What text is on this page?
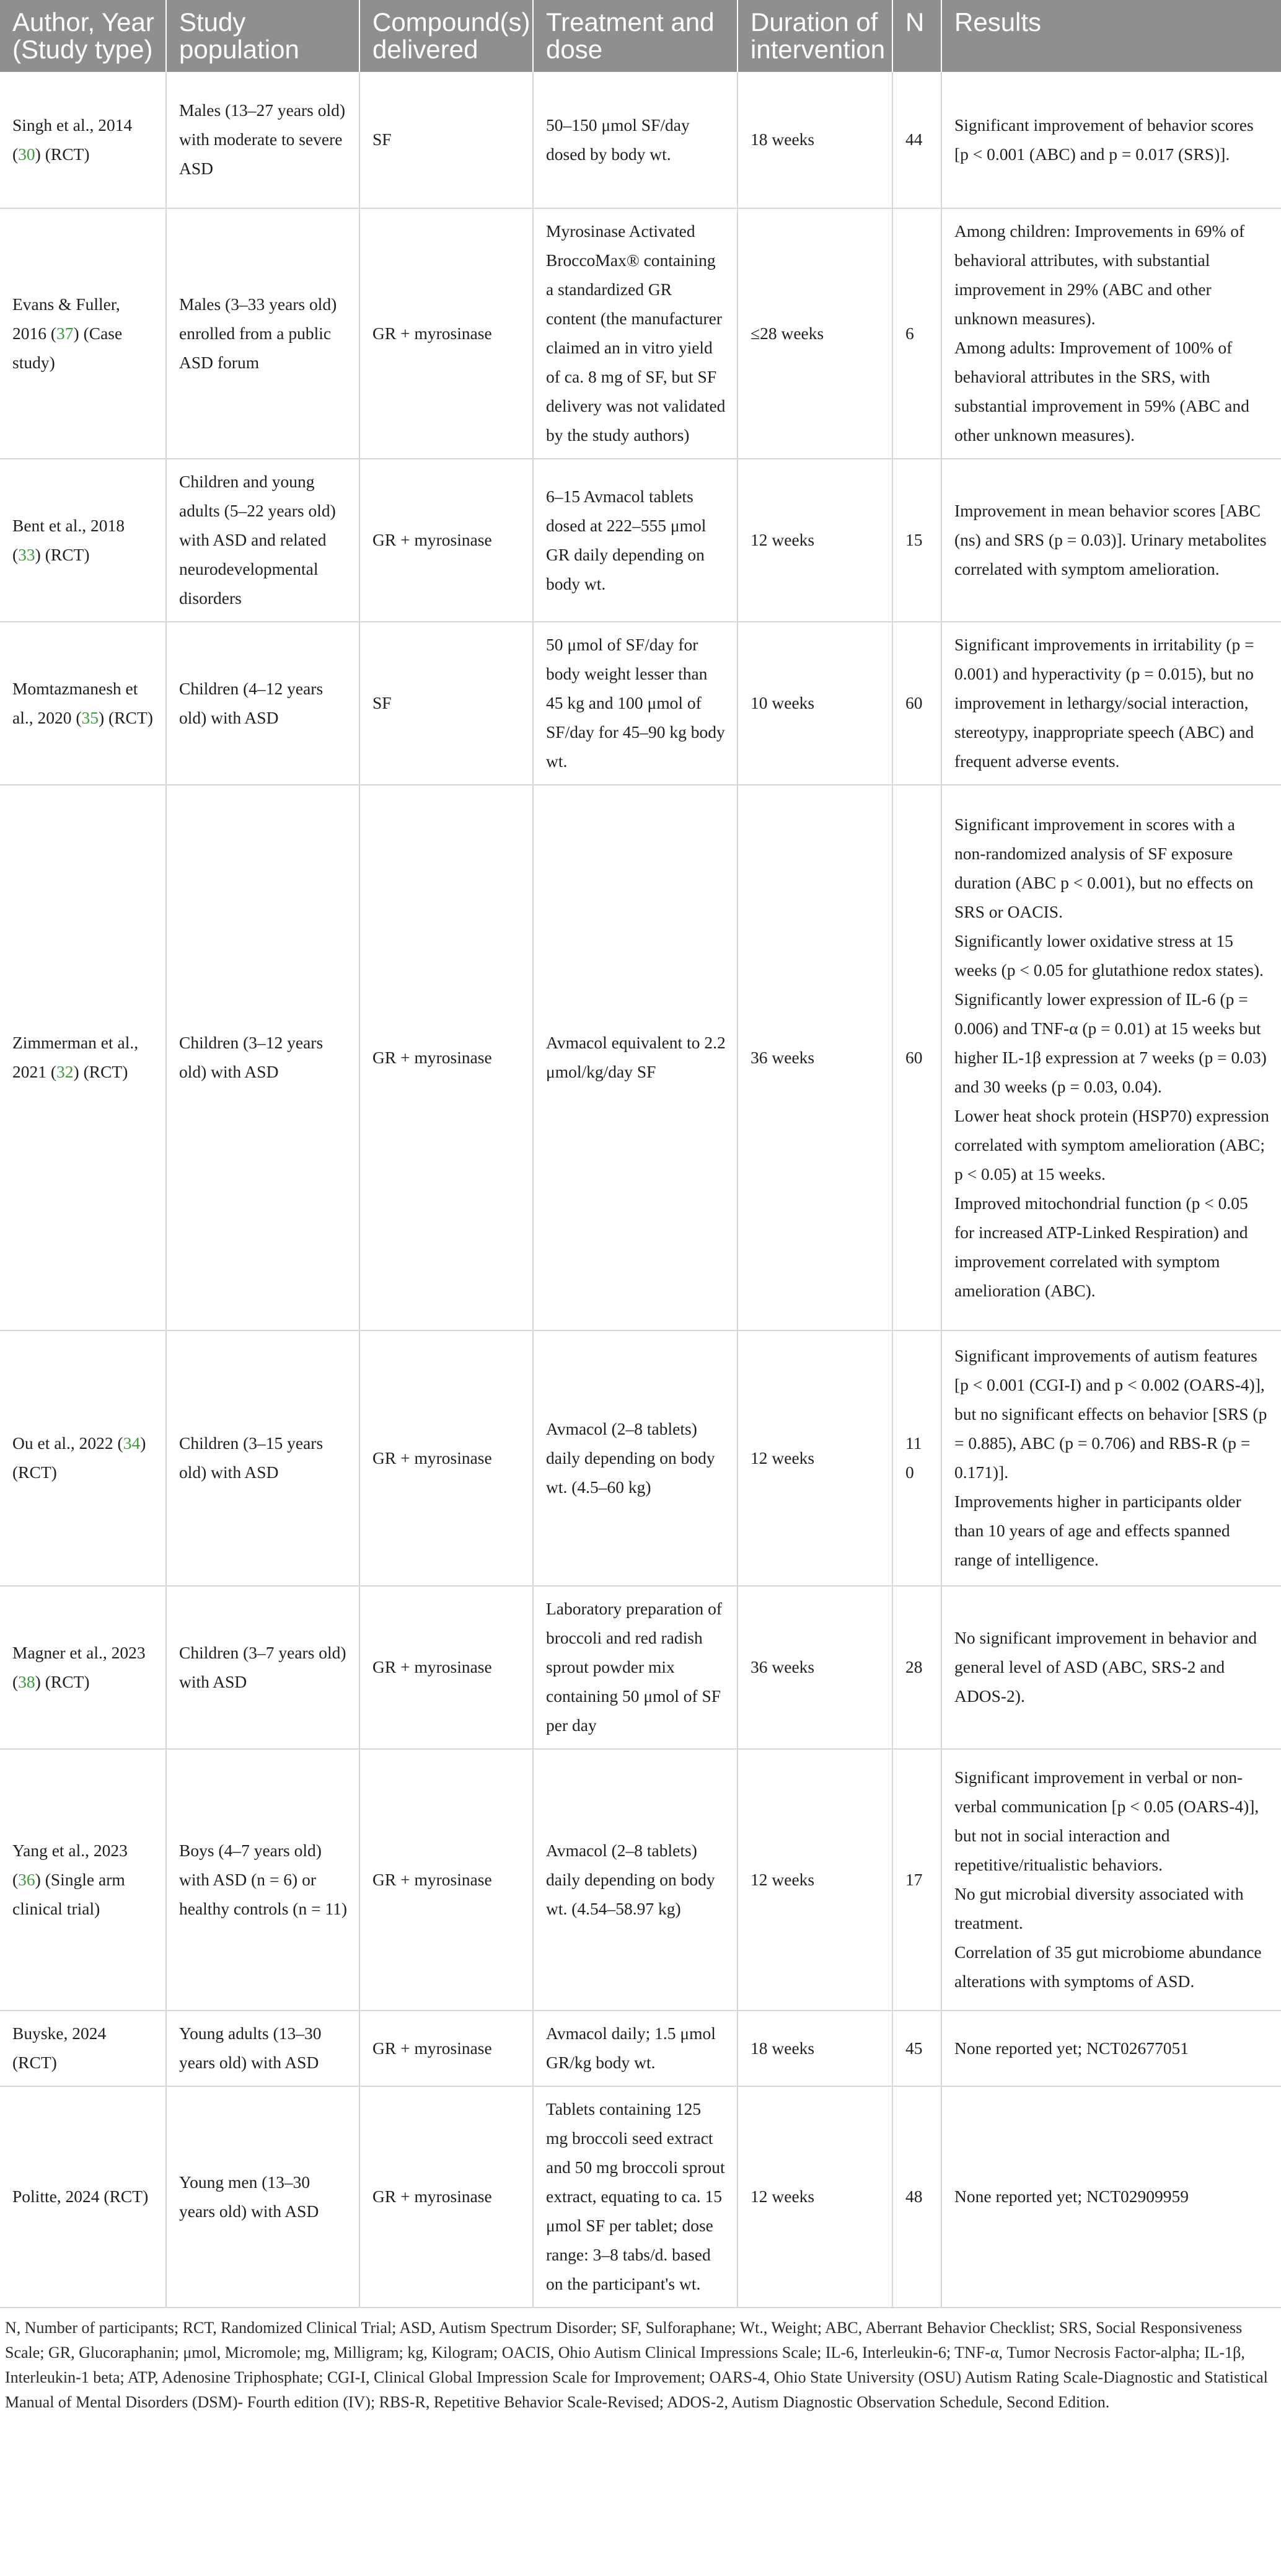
Author, Year (Study type)	Study population	Compound(s) delivered	Treatment and dose	Duration of intervention	N	Results
Singh et al., 2014 (30) (RCT)	Males (13–27 years old) with moderate to severe ASD	SF	50–150 μmol SF/day dosed by body wt.	18 weeks	44	Significant improvement of behavior scores [p < 0.001 (ABC) and p = 0.017 (SRS)].
Evans & Fuller, 2016 (37) (Case study)	Males (3–33 years old) enrolled from a public ASD forum	GR + myrosinase	Myrosinase Activated BroccoMax® containing a standardized GR content (the manufacturer claimed an in vitro yield of ca. 8 mg of SF, but SF delivery was not validated by the study authors)	≤28 weeks	6	Among children: Improvements in 69% of behavioral attributes, with substantial improvement in 29% (ABC and other unknown measures).
Among adults: Improvement of 100% of behavioral attributes in the SRS, with substantial improvement in 59% (ABC and other unknown measures).
Bent et al., 2018 (33) (RCT)	Children and young adults (5–22 years old) with ASD and related neurodevelopmental disorders	GR + myrosinase	6–15 Avmacol tablets dosed at 222–555 μmol GR daily depending on body wt.	12 weeks	15	Improvement in mean behavior scores [ABC (ns) and SRS (p = 0.03)]. Urinary metabolites correlated with symptom amelioration.
Momtazmanesh et al., 2020 (35) (RCT)	Children (4–12 years old) with ASD	SF	50 μmol of SF/day for body weight lesser than 45 kg and 100 μmol of SF/day for 45–90 kg body wt.	10 weeks	60	Significant improvements in irritability (p = 0.001) and hyperactivity (p = 0.015), but no improvement in lethargy/social interaction, stereotypy, inappropriate speech (ABC) and frequent adverse events.
Zimmerman et al., 2021 (32) (RCT)	Children (3–12 years old) with ASD	GR + myrosinase	Avmacol equivalent to 2.2 μmol/kg/day SF	36 weeks	60	Significant improvement in scores with a non-randomized analysis of SF exposure duration (ABC p < 0.001), but no effects on SRS or OACIS.
Significantly lower oxidative stress at 15 weeks (p < 0.05 for glutathione redox states).
Significantly lower expression of IL-6 (p = 0.006) and TNF-α (p = 0.01) at 15 weeks but higher IL-1β expression at 7 weeks (p = 0.03) and 30 weeks (p = 0.03, 0.04).
Lower heat shock protein (HSP70) expression correlated with symptom amelioration (ABC; p < 0.05) at 15 weeks.
Improved mitochondrial function (p < 0.05 for increased ATP-Linked Respiration) and improvement correlated with symptom amelioration (ABC).
Ou et al., 2022 (34) (RCT)	Children (3–15 years old) with ASD	GR + myrosinase	Avmacol (2–8 tablets) daily depending on body wt. (4.5–60 kg)	12 weeks	110	Significant improvements of autism features [p < 0.001 (CGI-I) and p < 0.002 (OARS-4)], but no significant effects on behavior [SRS (p = 0.885), ABC (p = 0.706) and RBS-R (p = 0.171)].
Improvements higher in participants older than 10 years of age and effects spanned range of intelligence.
Magner et al., 2023 (38) (RCT)	Children (3–7 years old) with ASD	GR + myrosinase	Laboratory preparation of broccoli and red radish sprout powder mix containing 50 μmol of SF per day	36 weeks	28	No significant improvement in behavior and general level of ASD (ABC, SRS-2 and ADOS-2).
Yang et al., 2023 (36) (Single arm clinical trial)	Boys (4–7 years old) with ASD (n = 6) or healthy controls (n = 11)	GR + myrosinase	Avmacol (2–8 tablets) daily depending on body wt. (4.54–58.97 kg)	12 weeks	17	Significant improvement in verbal or non-verbal communication [p < 0.05 (OARS-4)], but not in social interaction and repetitive/ritualistic behaviors.
No gut microbial diversity associated with treatment.
Correlation of 35 gut microbiome abundance alterations with symptoms of ASD.
Buyske, 2024 (RCT)	Young adults (13–30 years old) with ASD	GR + myrosinase	Avmacol daily; 1.5 μmol GR/kg body wt.	18 weeks	45	None reported yet; NCT02677051
Politte, 2024 (RCT)	Young men (13–30 years old) with ASD	GR + myrosinase	Tablets containing 125 mg broccoli seed extract and 50 mg broccoli sprout extract, equating to ca. 15 μmol SF per tablet; dose range: 3–8 tabs/d. based on the participant's wt.	12 weeks	48	None reported yet; NCT02909959
N, Number of participants; RCT, Randomized Clinical Trial; ASD, Autism Spectrum Disorder; SF, Sulforaphane; Wt., Weight; ABC, Aberrant Behavior Checklist; SRS, Social Responsiveness Scale; GR, Glucoraphanin; μmol, Micromole; mg, Milligram; kg, Kilogram; OACIS, Ohio Autism Clinical Impressions Scale; IL-6, Interleukin-6; TNF-α, Tumor Necrosis Factor-alpha; IL-1β, Interleukin-1 beta; ATP, Adenosine Triphosphate; CGI-I, Clinical Global Impression Scale for Improvement; OARS-4, Ohio State University (OSU) Autism Rating Scale-Diagnostic and Statistical Manual of Mental Disorders (DSM)- Fourth edition (IV); RBS-R, Repetitive Behavior Scale-Revised; ADOS-2, Autism Diagnostic Observation Schedule, Second Edition.
